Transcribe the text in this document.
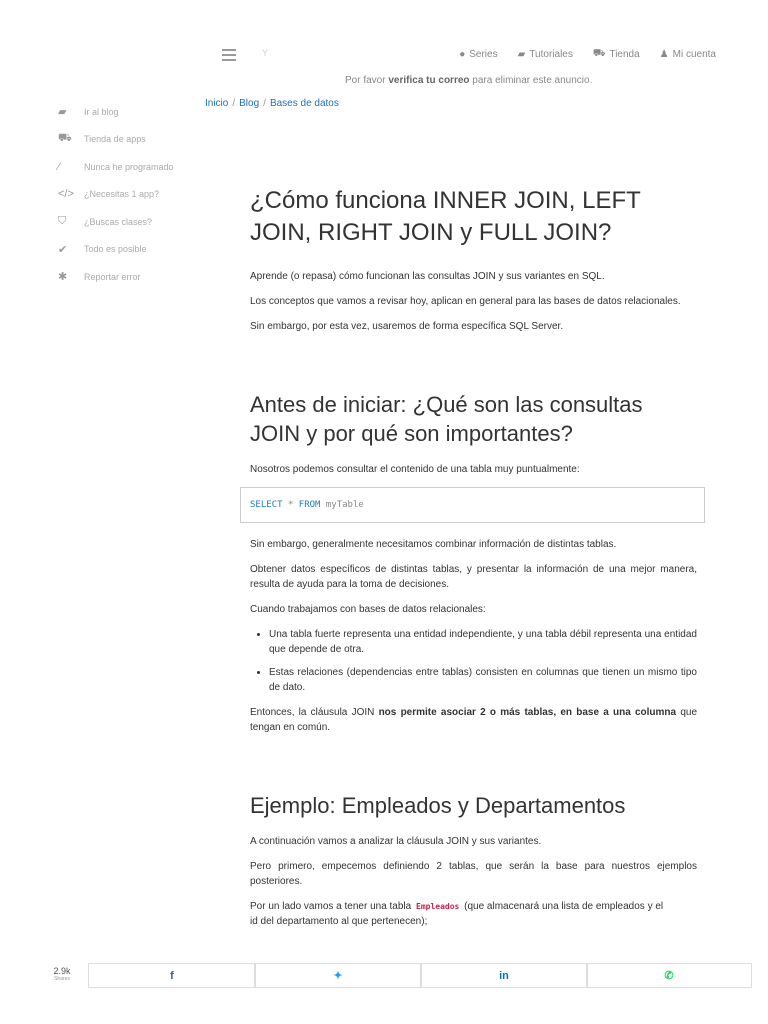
Y	● Series ▰ Tutoriales ⛟ Tienda ♟ Mi cuenta
Por favor verifica tu correo para eliminar este anuncio.
▰	Ir al blog
⛟	Tienda de apps
⁄	Nunca he programado
</>	¿Necesitas 1 app?
⛉	¿Buscas clases?
✔	Todo es posible
✱	Reportar error
Inicio / Blog / Bases de datos
¿Cómo funciona INNER JOIN, LEFT JOIN, RIGHT JOIN y FULL JOIN?

Aprende (o repasa) cómo funcionan las consultas JOIN y sus variantes en SQL.

Los conceptos que vamos a revisar hoy, aplican en general para las bases de datos relacionales.

Sin embargo, por esta vez, usaremos de forma específica SQL Server.

Antes de iniciar: ¿Qué son las consultas JOIN y por qué son importantes?

Nosotros podemos consultar el contenido de una tabla muy puntualmente:

SELECT * FROM myTable

Sin embargo, generalmente necesitamos combinar información de distintas tablas.

Obtener datos específicos de distintas tablas, y presentar la información de una mejor manera, resulta de ayuda para la toma de decisiones.

Cuando trabajamos con bases de datos relacionales:

• Una tabla fuerte representa una entidad independiente, y una tabla débil representa una entidad que depende de otra.
• Estas relaciones (dependencias entre tablas) consisten en columnas que tienen un mismo tipo de dato.

Entonces, la cláusula JOIN nos permite asociar 2 o más tablas, en base a una columna que tengan en común.

Ejemplo: Empleados y Departamentos

A continuación vamos a analizar la cláusula JOIN y sus variantes.

Pero primero, empecemos definiendo 2 tablas, que serán la base para nuestros ejemplos posteriores.

Por un lado vamos a tener una tabla Empleados (que almacenará una lista de empleados y el

id del departamento al que pertenecen);

2.9k
Shares	f	✦	in	✆
